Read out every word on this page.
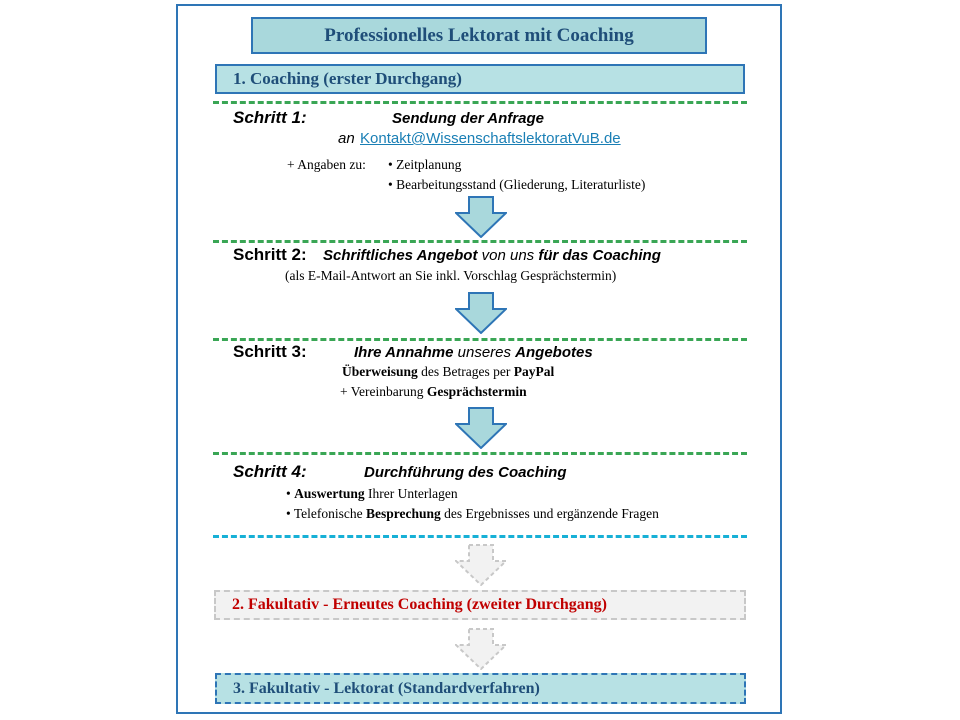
Professionelles Lektorat mit Coaching
1. Coaching (erster Durchgang)
Schritt 1:	Sendung der Anfrage
an Kontakt@WissenschaftslektoratVuB.de
+ Angaben zu: • Zeitplanung
• Bearbeitungsstand (Gliederung, Literaturliste)
Schritt 2: Schriftliches Angebot von uns für das Coaching
(als E-Mail-Antwort an Sie inkl. Vorschlag Gesprächstermin)
Schritt 3:	Ihre Annahme unseres Angebotes
Überweisung des Betrages per PayPal
+ Vereinbarung Gesprächstermin
Schritt 4:	Durchführung des Coaching
• Auswertung Ihrer Unterlagen
• Telefonische Besprechung des Ergebnisses und ergänzende Fragen
2. Fakultativ - Erneutes Coaching (zweiter Durchgang)
3. Fakultativ - Lektorat (Standardverfahren)
